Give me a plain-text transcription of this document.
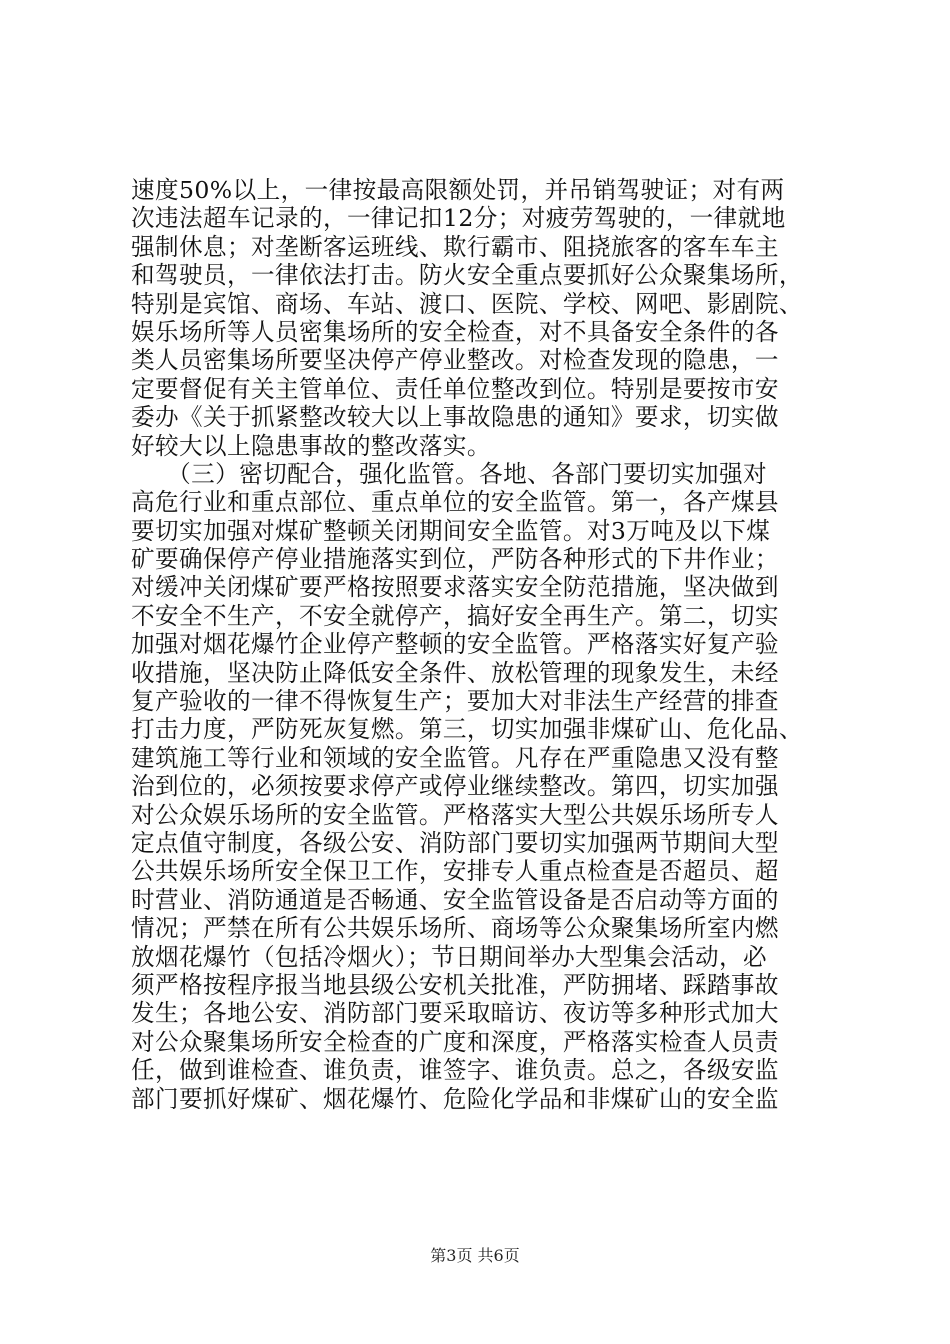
速度50%以上，一律按最高限额处罚，并吊销驾驶证；对有两
次违法超车记录的，一律记扣12分；对疲劳驾驶的，一律就地
强制休息；对垄断客运班线、欺行霸市、阻挠旅客的客车车主
和驾驶员，一律依法打击。防火安全重点要抓好公众聚集场所，
特别是宾馆、商场、车站、渡口、医院、学校、网吧、影剧院、
娱乐场所等人员密集场所的安全检查，对不具备安全条件的各
类人员密集场所要坚决停产停业整改。对检查发现的隐患，一
定要督促有关主管单位、责任单位整改到位。特别是要按市安
委办《关于抓紧整改较大以上事故隐患的通知》要求，切实做
好较大以上隐患事故的整改落实。
　　（三）密切配合，强化监管。各地、各部门要切实加强对
高危行业和重点部位、重点单位的安全监管。第一，各产煤县
要切实加强对煤矿整顿关闭期间安全监管。对3万吨及以下煤
矿要确保停产停业措施落实到位，严防各种形式的下井作业；
对缓冲关闭煤矿要严格按照要求落实安全防范措施，坚决做到
不安全不生产，不安全就停产，搞好安全再生产。第二，切实
加强对烟花爆竹企业停产整顿的安全监管。严格落实好复产验
收措施，坚决防止降低安全条件、放松管理的现象发生，未经
复产验收的一律不得恢复生产；要加大对非法生产经营的排查
打击力度，严防死灰复燃。第三，切实加强非煤矿山、危化品、
建筑施工等行业和领域的安全监管。凡存在严重隐患又没有整
治到位的，必须按要求停产或停业继续整改。第四，切实加强
对公众娱乐场所的安全监管。严格落实大型公共娱乐场所专人
定点值守制度，各级公安、消防部门要切实加强两节期间大型
公共娱乐场所安全保卫工作，安排专人重点检查是否超员、超
时营业、消防通道是否畅通、安全监管设备是否启动等方面的
情况；严禁在所有公共娱乐场所、商场等公众聚集场所室内燃
放烟花爆竹（包括冷烟火）；节日期间举办大型集会活动，必
须严格按程序报当地县级公安机关批准，严防拥堵、踩踏事故
发生；各地公安、消防部门要采取暗访、夜访等多种形式加大
对公众聚集场所安全检查的广度和深度，严格落实检查人员责
任，做到谁检查、谁负责，谁签字、谁负责。总之，各级安监
部门要抓好煤矿、烟花爆竹、危险化学品和非煤矿山的安全监
第3页 共6页
